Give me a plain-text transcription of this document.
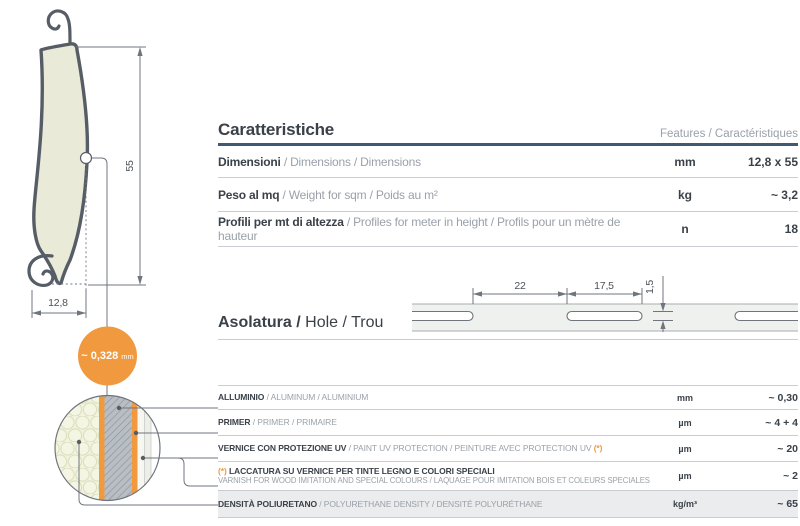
55
12,8
~ 0,328 mm
22	17,5	1,5
Caratteristiche	Features / Caractéristiques
Dimensioni / Dimensions / Dimensions	mm	12,8 x 55
Peso al mq / Weight for sqm / Poids au m²	kg	~ 3,2
Profili per mt di altezza / Profiles for meter in height / Profils pour un mètre de hauteur	n	18
Asolatura / Hole / Trou
ALLUMINIO / ALUMINUM / ALUMINIUM	mm	~ 0,30
PRIMER / PRIMER / PRIMAIRE	µm	~ 4 + 4
VERNICE CON PROTEZIONE UV / PAINT UV PROTECTION / PEINTURE AVEC PROTECTION UV (*)	µm	~ 20
(*) LACCATURA SU VERNICE PER TINTE LEGNO E COLORI SPECIALI
VARNISH FOR WOOD IMITATION AND SPECIAL COLOURS / LAQUAGE POUR IMITATION BOIS ET COLEURS SPECIALES	µm	~ 2
DENSITÀ POLIURETANO / POLYURETHANE DENSITY / DENSITÉ POLYURÉTHANE	kg/m³	~ 65
